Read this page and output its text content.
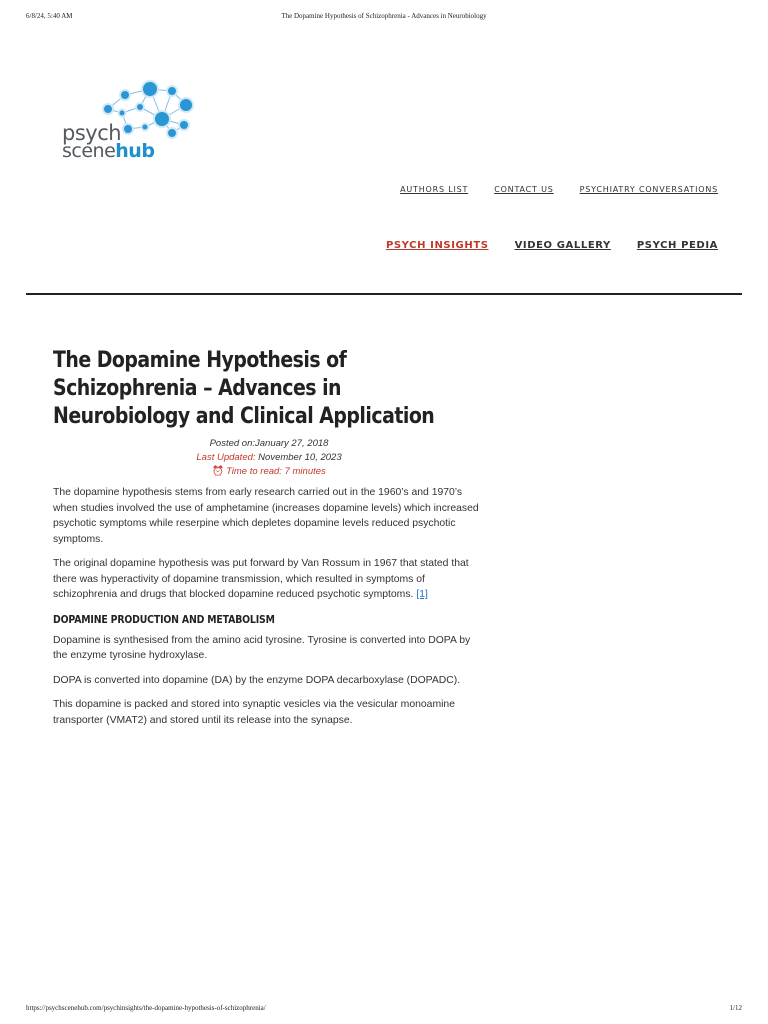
6/8/24, 5:40 AM	The Dopamine Hypothesis of Schizophrenia - Advances in Neurobiology
psych
scenehub
AUTHORS LIST	CONTACT US	PSYCHIATRY CONVERSATIONS
PSYCH INSIGHTS	VIDEO GALLERY	PSYCH PEDIA
The Dopamine Hypothesis of Schizophrenia – Advances in Neurobiology and Clinical Application
Posted on:January 27, 2018
Last Updated: November 10, 2023
⏰ Time to read: 7 minutes

The dopamine hypothesis stems from early research carried out in the 1960’s and 1970’s when studies involved the use of amphetamine (increases dopamine levels) which increased psychotic symptoms while reserpine which depletes dopamine levels reduced psychotic symptoms.

The original dopamine hypothesis was put forward by Van Rossum in 1967 that stated that there was hyperactivity of dopamine transmission, which resulted in symptoms of schizophrenia and drugs that blocked dopamine reduced psychotic symptoms. [1]

DOPAMINE PRODUCTION AND METABOLISM

Dopamine is synthesised from the amino acid tyrosine. Tyrosine is converted into DOPA by the enzyme tyrosine hydroxylase.

DOPA is converted into dopamine (DA) by the enzyme DOPA decarboxylase (DOPADC).

This dopamine is packed and stored into synaptic vesicles via the vesicular monoamine transporter (VMAT2) and stored until its release into the synapse.

https://psychscenehub.com/psychinsights/the-dopamine-hypothesis-of-schizophrenia/	1/12
